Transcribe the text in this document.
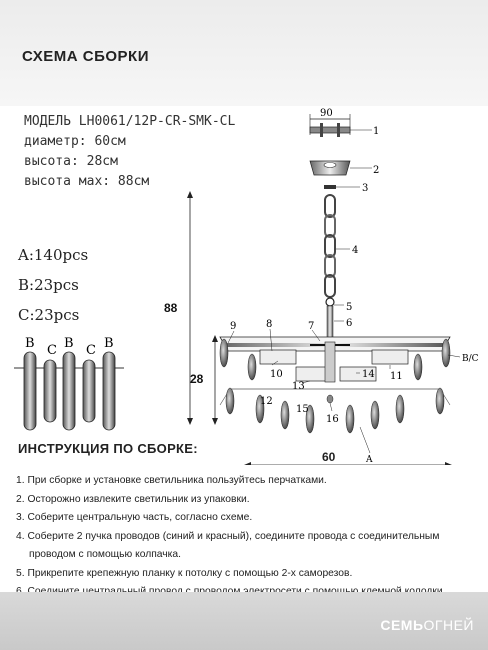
СХЕМА СБОРКИ
МОДЕЛЬ LH0061/12P-CR-SMK-CL
диаметр: 60см
высота: 28см
высота мах: 88см
A:140pcs
B:23pcs
C:23pcs
B C B C B
90
1
2
3
4
5
6
88
28
7
8
9
10	11
12
13
14
15
16
B/C
A
60
ИНСТРУКЦИЯ ПО СБОРКЕ:
1. При сборке и установке светильника пользуйтесь перчатками.
2. Осторожно извлеките светильник из упаковки.
3. Соберите центральную часть, согласно схеме.
4. Соберите 2 пучка проводов (синий и красный), соедините провода с соединительным
проводом с помощью колпачка.
5. Прикрепите крепежную планку к потолку с помощью 2-х саморезов.
СЕМЬОГНЕЙ
